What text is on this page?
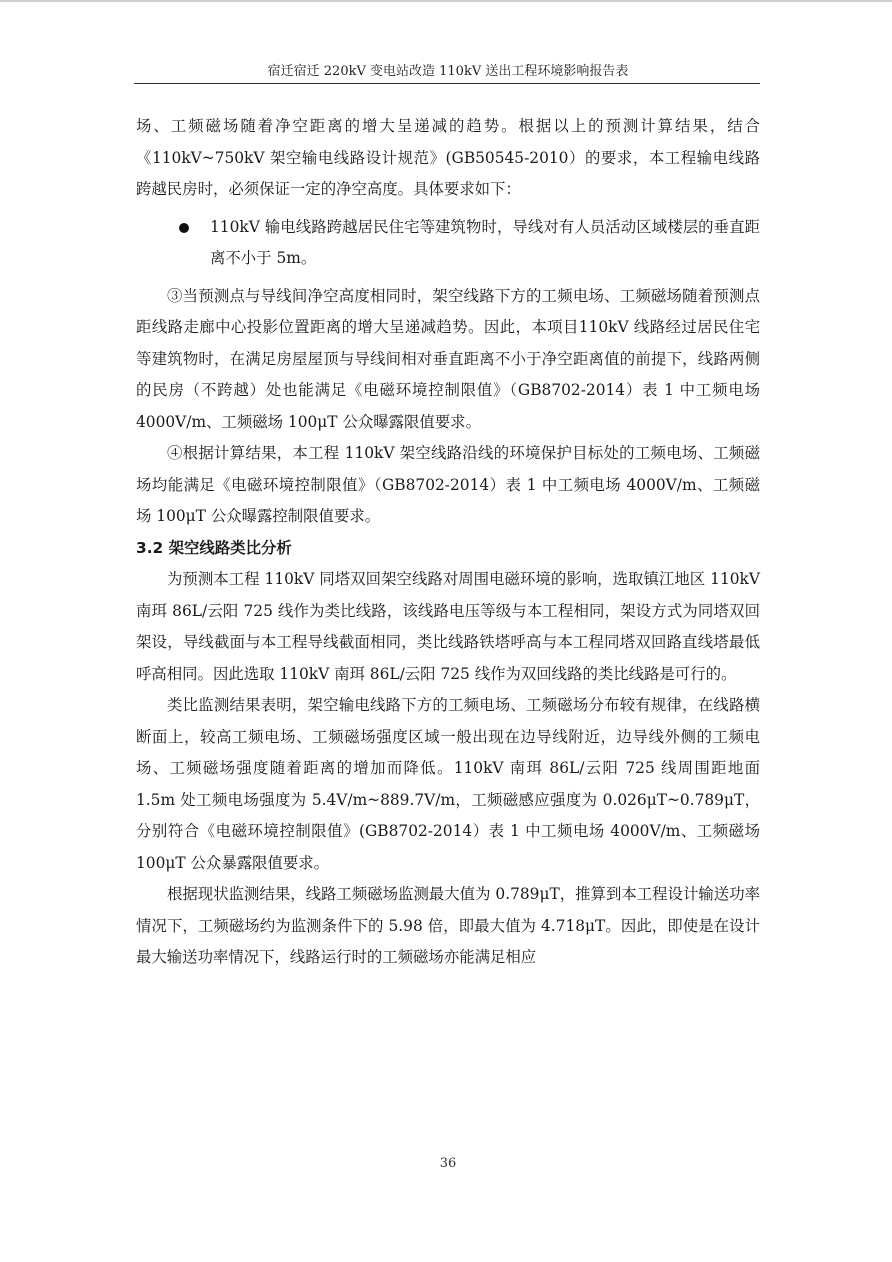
宿迁宿迁 220kV 变电站改造 110kV 送出工程环境影响报告表

场、工频磁场随着净空距离的增大呈递减的趋势。根据以上的预测计算结果，结合《110kV~750kV 架空输电线路设计规范》(GB50545-2010）的要求，本工程输电线路跨越民房时，必须保证一定的净空高度。具体要求如下：

110kV 输电线路跨越居民住宅等建筑物时，导线对有人员活动区域楼层的垂直距离不小于 5m。

③当预测点与导线间净空高度相同时，架空线路下方的工频电场、工频磁场随着预测点距线路走廊中心投影位置距离的增大呈递减趋势。因此，本项目110kV 线路经过居民住宅等建筑物时，在满足房屋屋顶与导线间相对垂直距离不小于净空距离值的前提下，线路两侧的民房（不跨越）处也能满足《电磁环境控制限值》（GB8702-2014）表 1 中工频电场 4000V/m、工频磁场 100μT 公众曝露限值要求。

④根据计算结果，本工程 110kV 架空线路沿线的环境保护目标处的工频电场、工频磁场均能满足《电磁环境控制限值》（GB8702-2014）表 1 中工频电场 4000V/m、工频磁场 100μT 公众曝露控制限值要求。

3.2 架空线路类比分析

为预测本工程 110kV 同塔双回架空线路对周围电磁环境的影响，选取镇江地区 110kV 南珥 86L/云阳 725 线作为类比线路，该线路电压等级与本工程相同，架设方式为同塔双回架设，导线截面与本工程导线截面相同，类比线路铁塔呼高与本工程同塔双回路直线塔最低呼高相同。因此选取 110kV 南珥 86L/云阳 725 线作为双回线路的类比线路是可行的。

类比监测结果表明，架空输电线路下方的工频电场、工频磁场分布较有规律，在线路横断面上，较高工频电场、工频磁场强度区域一般出现在边导线附近，边导线外侧的工频电场、工频磁场强度随着距离的增加而降低。110kV 南珥 86L/云阳 725 线周围距地面 1.5m 处工频电场强度为 5.4V/m~889.7V/m，工频磁感应强度为 0.026μT~0.789μT，分别符合《电磁环境控制限值》(GB8702-2014）表 1 中工频电场 4000V/m、工频磁场 100μT 公众暴露限值要求。

根据现状监测结果，线路工频磁场监测最大值为 0.789μT，推算到本工程设计输送功率情况下，工频磁场约为监测条件下的 5.98 倍，即最大值为 4.718μT。因此，即使是在设计最大输送功率情况下，线路运行时的工频磁场亦能满足相应

36
